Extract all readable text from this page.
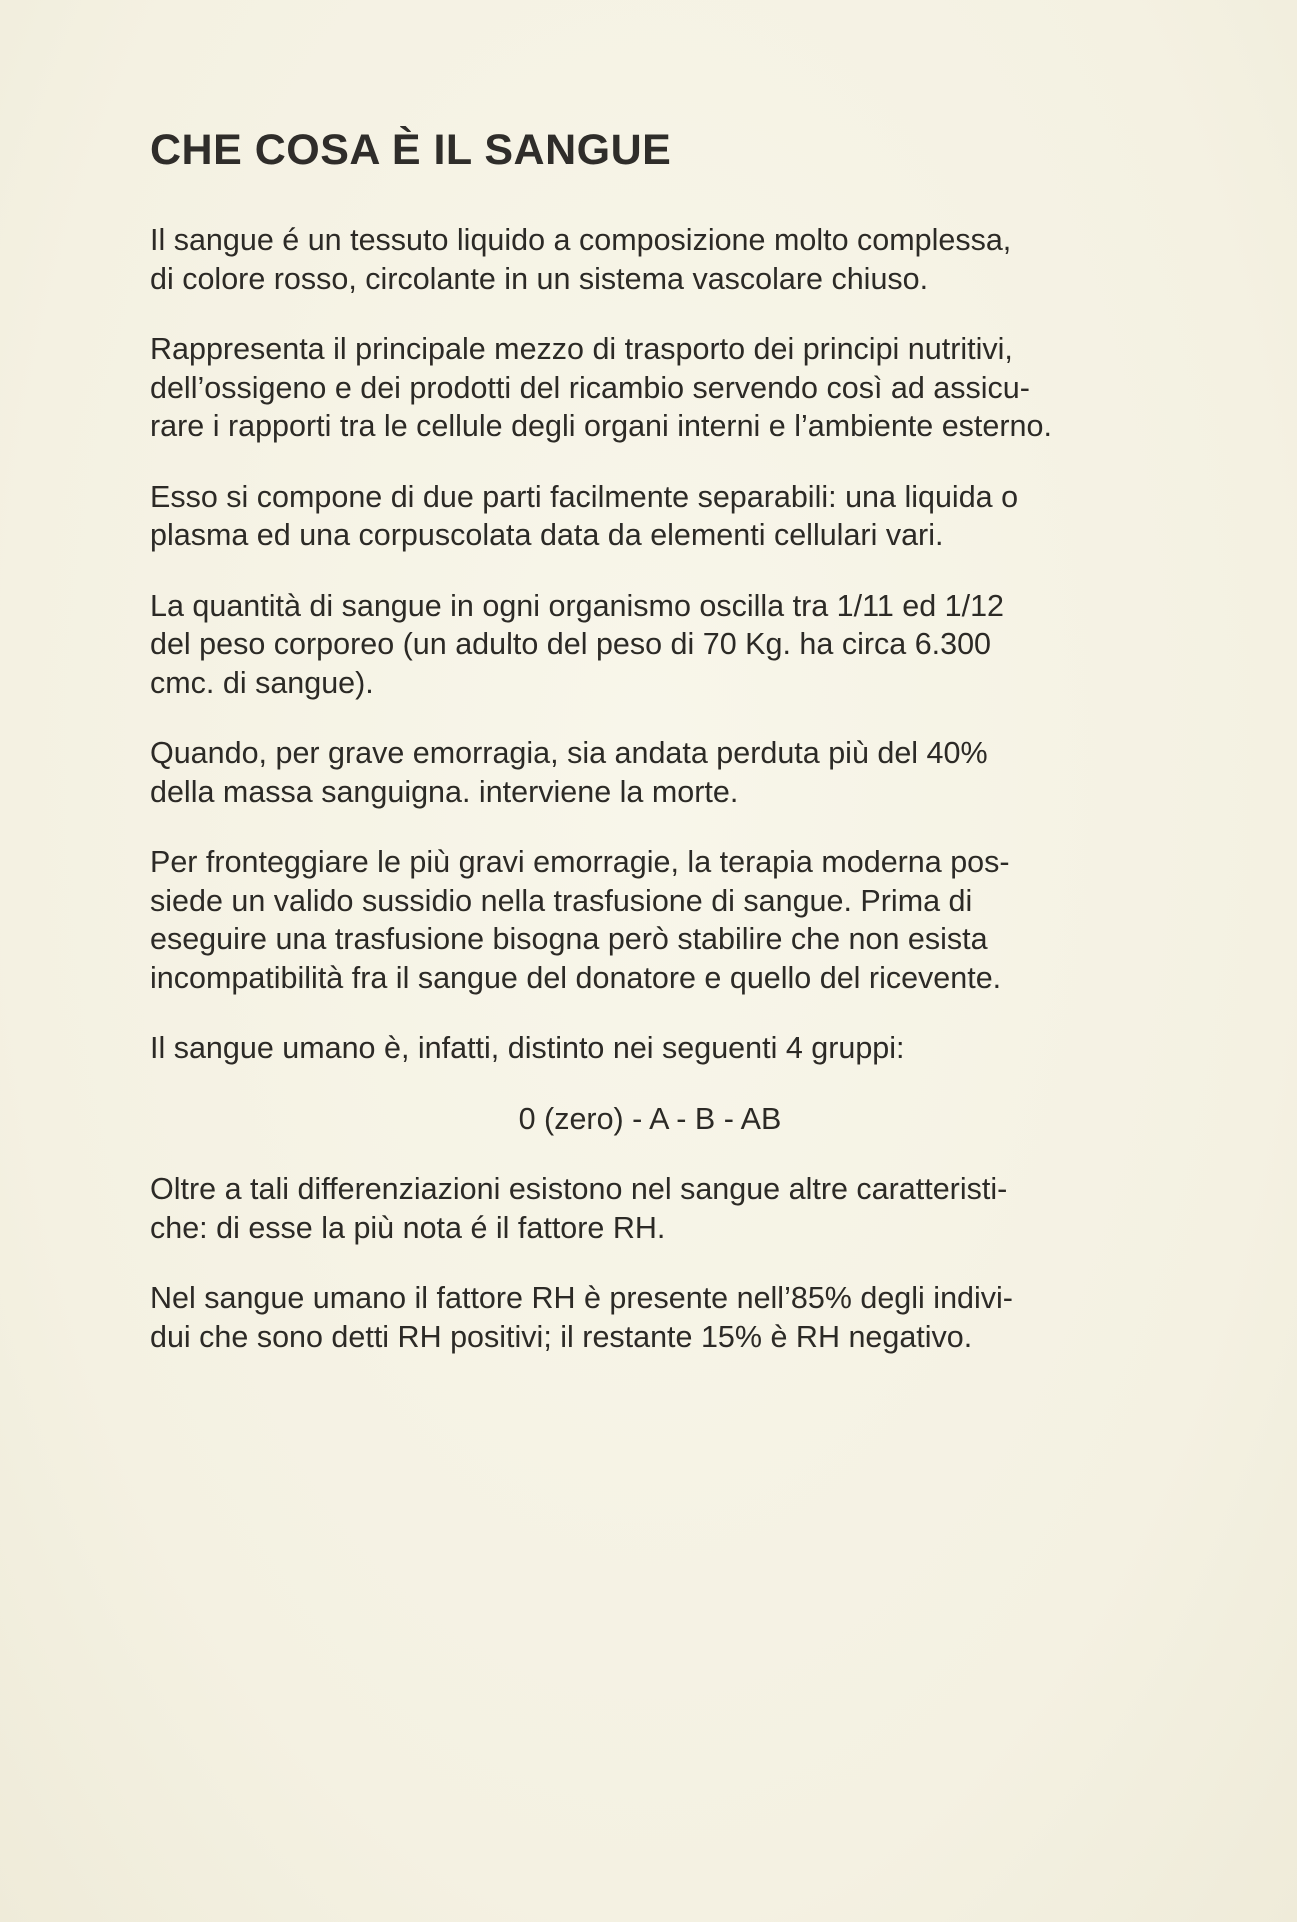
CHE COSA È IL SANGUE

Il sangue é un tessuto liquido a composizione molto complessa,
di colore rosso, circolante in un sistema vascolare chiuso.

Rappresenta il principale mezzo di trasporto dei principi nutritivi,
dell’ossigeno e dei prodotti del ricambio servendo così ad assicu-
rare i rapporti tra le cellule degli organi interni e l’ambiente esterno.

Esso si compone di due parti facilmente separabili: una liquida o
plasma ed una corpuscolata data da elementi cellulari vari.

La quantità di sangue in ogni organismo oscilla tra 1/11 ed 1/12
del peso corporeo (un adulto del peso di 70 Kg. ha circa 6.300
cmc. di sangue).

Quando, per grave emorragia, sia andata perduta più del 40%
della massa sanguigna. interviene la morte.

Per fronteggiare le più gravi emorragie, la terapia moderna pos-
siede un valido sussidio nella trasfusione di sangue. Prima di
eseguire una trasfusione bisogna però stabilire che non esista
incompatibilità fra il sangue del donatore e quello del ricevente.

Il sangue umano è, infatti, distinto nei seguenti 4 gruppi:

0 (zero) - A - B - AB

Oltre a tali differenziazioni esistono nel sangue altre caratteristi-
che: di esse la più nota é il fattore RH.

Nel sangue umano il fattore RH è presente nell’85% degli indivi-
dui che sono detti RH positivi; il restante 15% è RH negativo.
